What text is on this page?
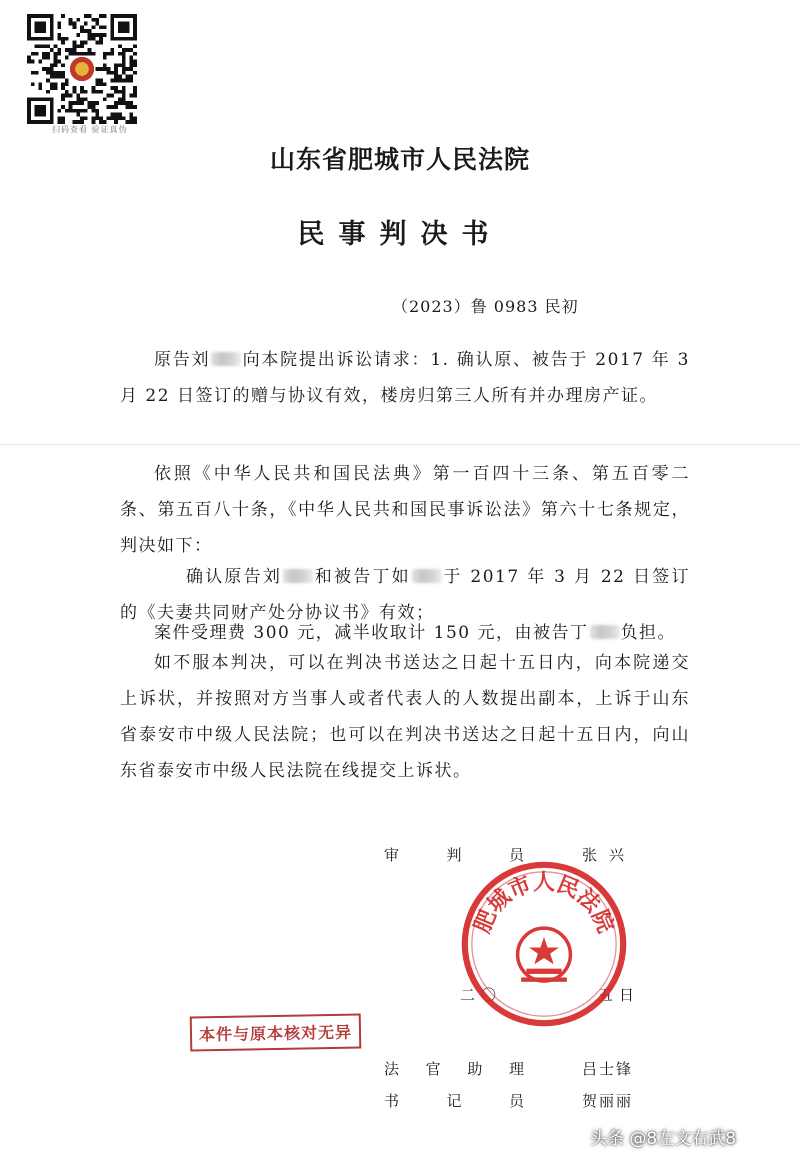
扫码查看 验证真伪
山东省肥城市人民法院
民事判决书
（2023）鲁 0983 民初

原告刘 向本院提出诉讼请求：1. 确认原、被告于 2017 年 3 月 22 日签订的赠与协议有效，楼房归第三人所有并办理房产证。

依照《中华人民共和国民法典》第一百四十三条、第五百零二条、第五百八十条，《中华人民共和国民事诉讼法》第六十七条规定，判决如下：

确认原告刘 和被告丁如 于 2017 年 3 月 22 日签订的《夫妻共同财产处分协议书》有效；

案件受理费 300 元，减半收取计 150 元，由被告丁 负担。

如不服本判决，可以在判决书送达之日起十五日内，向本院递交上诉状，并按照对方当事人或者代表人的人数提出副本，上诉于山东省泰安市中级人民法院；也可以在判决书送达之日起十五日内，向山东省泰安市中级人民法院在线提交上诉状。

审判员	张兴
二〇	五日
肥城市人民法院
本件与原本核对无异
法官助理	吕士锋
书记员	贺丽丽
头条 @8左文右武8
